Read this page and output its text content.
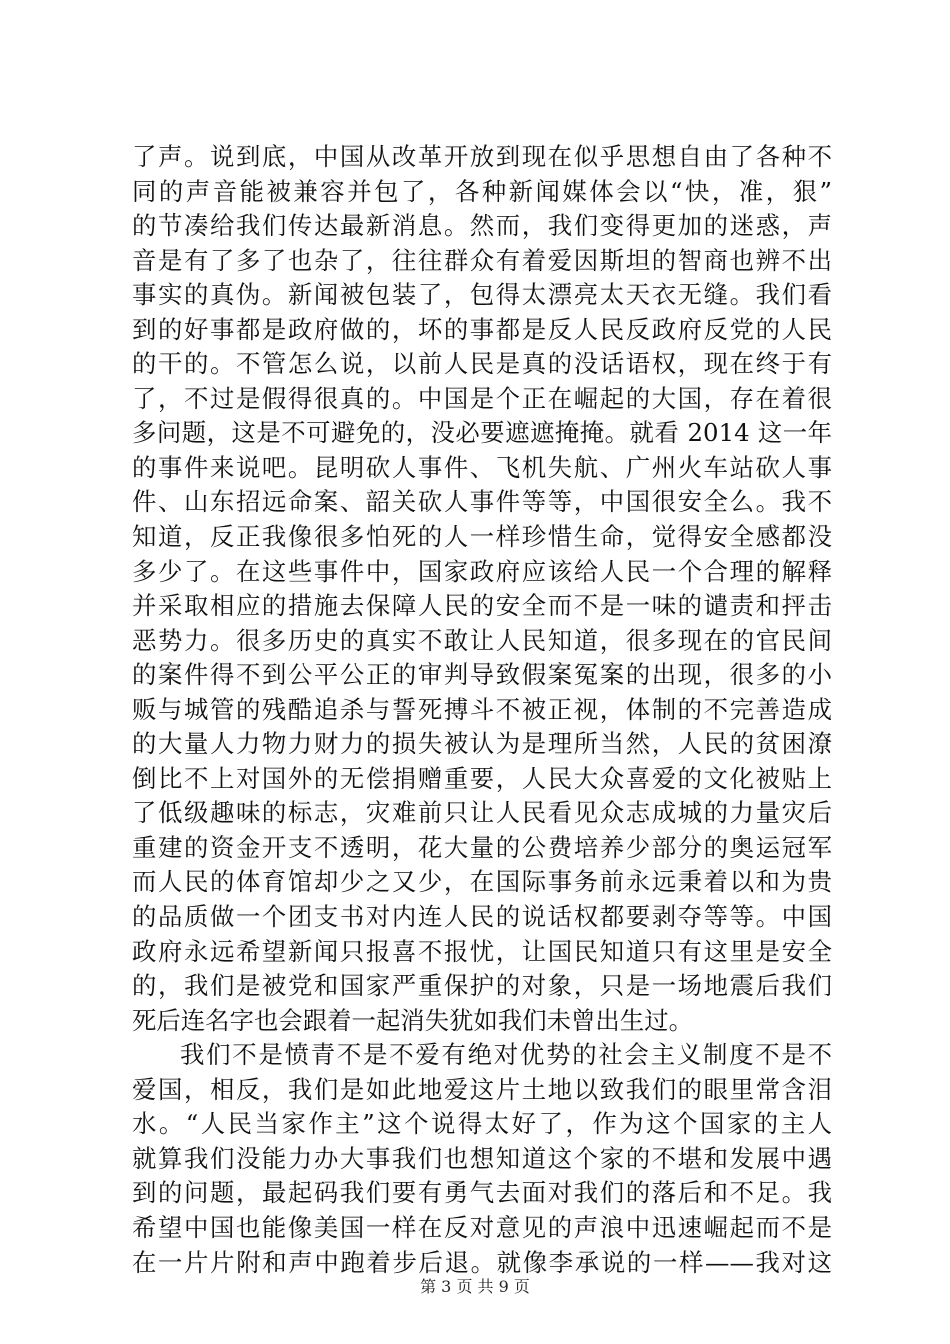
了声。说到底，中国从改革开放到现在似乎思想自由了各种不
同的声音能被兼容并包了，各种新闻媒体会以“快，准，狠”
的节凑给我们传达最新消息。然而，我们变得更加的迷惑，声
音是有了多了也杂了，往往群众有着爱因斯坦的智商也辨不出
事实的真伪。新闻被包装了，包得太漂亮太天衣无缝。我们看
到的好事都是政府做的，坏的事都是反人民反政府反党的人民
的干的。不管怎么说，以前人民是真的没话语权，现在终于有
了，不过是假得很真的。中国是个正在崛起的大国，存在着很
多问题，这是不可避免的，没必要遮遮掩掩。就看 2014 这一年
的事件来说吧。昆明砍人事件、飞机失航、广州火车站砍人事
件、山东招远命案、韶关砍人事件等等，中国很安全么。我不
知道，反正我像很多怕死的人一样珍惜生命，觉得安全感都没
多少了。在这些事件中，国家政府应该给人民一个合理的解释
并采取相应的措施去保障人民的安全而不是一味的谴责和抨击
恶势力。很多历史的真实不敢让人民知道，很多现在的官民间
的案件得不到公平公正的审判导致假案冤案的出现，很多的小
贩与城管的残酷追杀与誓死搏斗不被正视，体制的不完善造成
的大量人力物力财力的损失被认为是理所当然，人民的贫困潦
倒比不上对国外的无偿捐赠重要，人民大众喜爱的文化被贴上
了低级趣味的标志，灾难前只让人民看见众志成城的力量灾后
重建的资金开支不透明，花大量的公费培养少部分的奥运冠军
而人民的体育馆却少之又少，在国际事务前永远秉着以和为贵
的品质做一个团支书对内连人民的说话权都要剥夺等等。中国
政府永远希望新闻只报喜不报忧，让国民知道只有这里是安全
的，我们是被党和国家严重保护的对象，只是一场地震后我们
死后连名字也会跟着一起消失犹如我们未曾出生过。
我们不是愤青不是不爱有绝对优势的社会主义制度不是不
爱国，相反，我们是如此地爱这片土地以致我们的眼里常含泪
水。“人民当家作主”这个说得太好了，作为这个国家的主人
就算我们没能力办大事我们也想知道这个家的不堪和发展中遇
到的问题，最起码我们要有勇气去面对我们的落后和不足。我
希望中国也能像美国一样在反对意见的声浪中迅速崛起而不是
在一片片附和声中跑着步后退。就像李承说的一样——我对这
第 3 页 共 9 页
